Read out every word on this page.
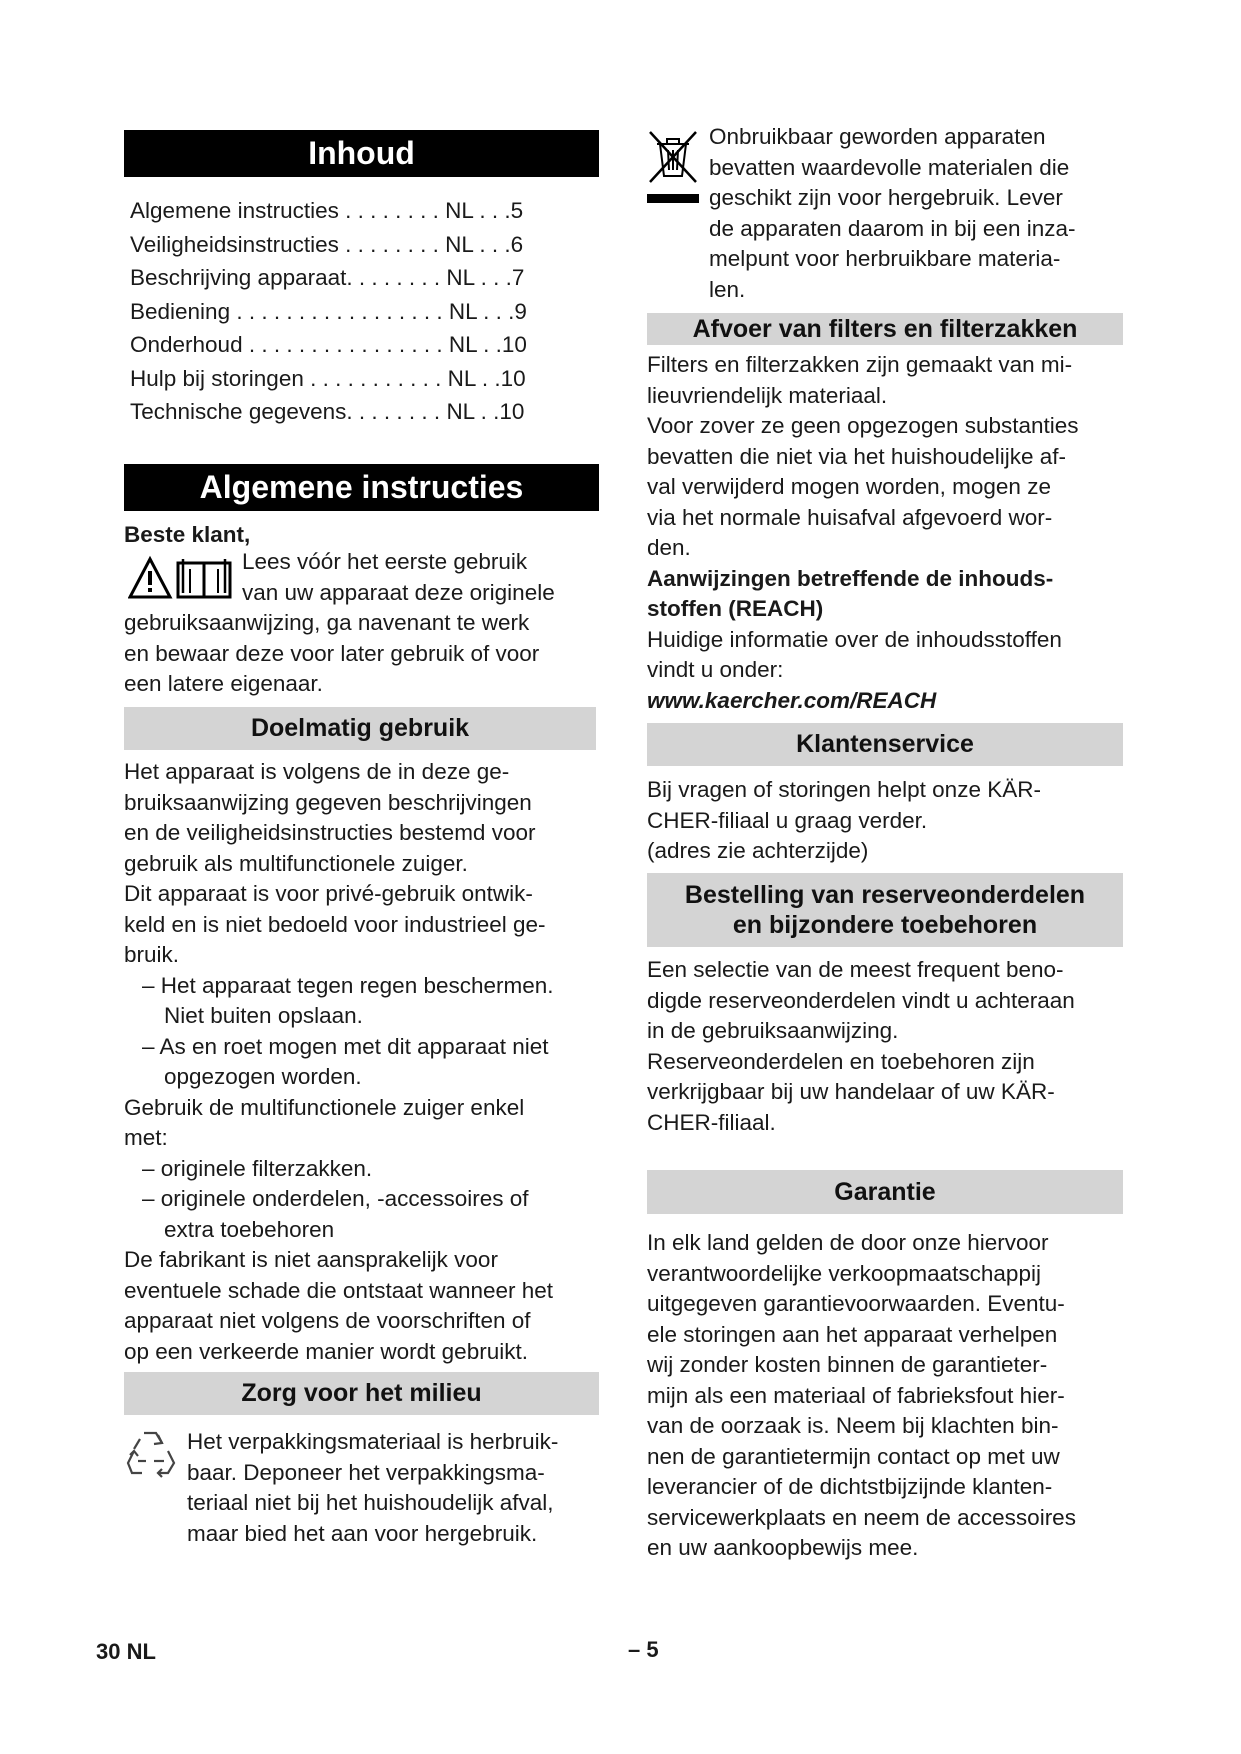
Inhoud
Algemene instructies . . . . . . . . NL . . .5
Veiligheidsinstructies . . . . . . . . NL . . .6
Beschrijving apparaat. . . . . . . . NL . . .7
Bediening . . . . . . . . . . . . . . . . . NL . . .9
Onderhoud . . . . . . . . . . . . . . . . NL . .10
Hulp bij storingen . . . . . . . . . . . NL . .10
Technische gegevens. . . . . . . . NL . .10
Algemene instructies
Beste klant,
Lees vóór het eerste gebruik
van uw apparaat deze originele
gebruiksaanwijzing, ga navenant te werk
en bewaar deze voor later gebruik of voor
een latere eigenaar.
Doelmatig gebruik
Het apparaat is volgens de in deze ge-
bruiksaanwijzing gegeven beschrijvingen
en de veiligheidsinstructies bestemd voor
gebruik als multifunctionele zuiger.
Dit apparaat is voor privé-gebruik ontwik-
keld en is niet bedoeld voor industrieel ge-
bruik.
– Het apparaat tegen regen beschermen.
Niet buiten opslaan.
– As en roet mogen met dit apparaat niet
opgezogen worden.
Gebruik de multifunctionele zuiger enkel
met:
– originele filterzakken.
– originele onderdelen, -accessoires of
extra toebehoren
De fabrikant is niet aansprakelijk voor
eventuele schade die ontstaat wanneer het
apparaat niet volgens de voorschriften of
op een verkeerde manier wordt gebruikt.
Zorg voor het milieu
Het verpakkingsmateriaal is herbruik-
baar. Deponeer het verpakkingsma-
teriaal niet bij het huishoudelijk afval,
maar bied het aan voor hergebruik.
Onbruikbaar geworden apparaten
bevatten waardevolle materialen die
geschikt zijn voor hergebruik. Lever
de apparaten daarom in bij een inza-
melpunt voor herbruikbare materia-
len.
Afvoer van filters en filterzakken
Filters en filterzakken zijn gemaakt van mi-
lieuvriendelijk materiaal.
Voor zover ze geen opgezogen substanties
bevatten die niet via het huishoudelijke af-
val verwijderd mogen worden, mogen ze
via het normale huisafval afgevoerd wor-
den.
Aanwijzingen betreffende de inhouds-
stoffen (REACH)
Huidige informatie over de inhoudsstoffen
vindt u onder:
www.kaercher.com/REACH
Klantenservice
Bij vragen of storingen helpt onze KÄR-
CHER-filiaal u graag verder.
(adres zie achterzijde)
Bestelling van reserveonderdelen
en bijzondere toebehoren
Een selectie van de meest frequent beno-
digde reserveonderdelen vindt u achteraan
in de gebruiksaanwijzing.
Reserveonderdelen en toebehoren zijn
verkrijgbaar bij uw handelaar of uw KÄR-
CHER-filiaal.
Garantie
In elk land gelden de door onze hiervoor
verantwoordelijke verkoopmaatschappij
uitgegeven garantievoorwaarden. Eventu-
ele storingen aan het apparaat verhelpen
wij zonder kosten binnen de garantieter-
mijn als een materiaal of fabrieksfout hier-
van de oorzaak is. Neem bij klachten bin-
nen de garantietermijn contact op met uw
leverancier of de dichtstbijzijnde klanten-
servicewerkplaats en neem de accessoires
en uw aankoopbewijs mee.
30 NL	– 5
